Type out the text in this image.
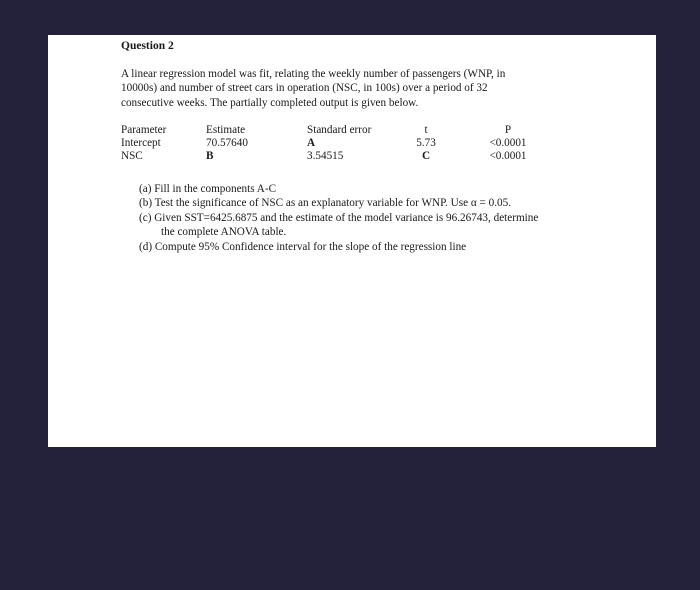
Question 2

A linear regression model was fit, relating the weekly number of passengers (WNP, in
10000s) and number of street cars in operation (NSC, in 100s) over a period of 32
consecutive weeks. The partially completed output is given below.

Parameter	Estimate	Standard error	t	P
Intercept	70.57640	A	5.73	<0.0001
NSC	B	3.54515	C	<0.0001
(a) Fill in the components A-C
(b) Test the significance of NSC as an explanatory variable for WNP. Use α = 0.05.
(c) Given SST=6425.6875 and the estimate of the model variance is 96.26743, determine
the complete ANOVA table.
(d) Compute 95% Confidence interval for the slope of the regression line
